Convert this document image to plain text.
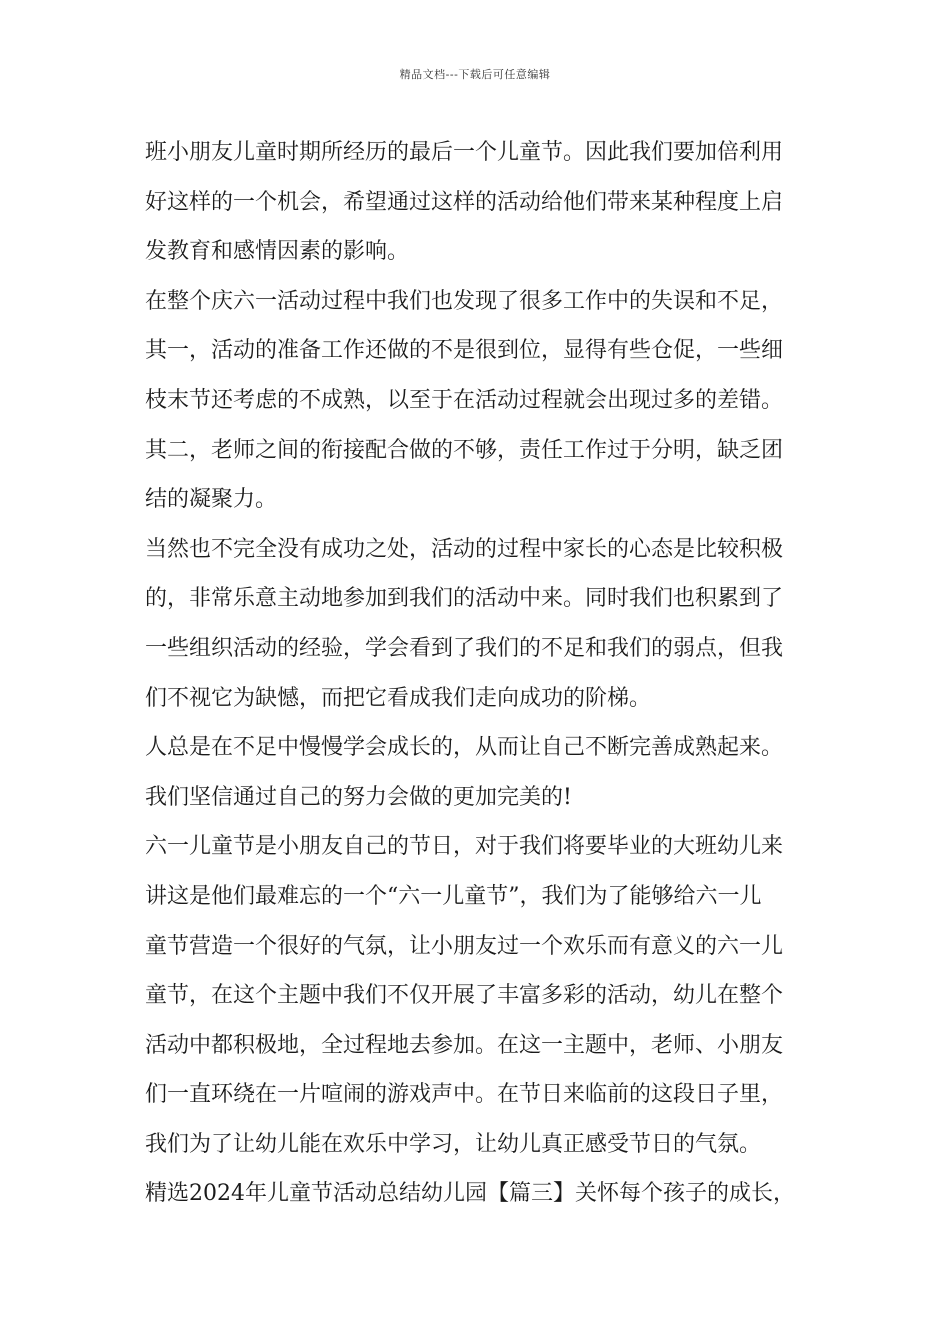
精品文档---下载后可任意编辑
班小朋友儿童时期所经历的最后一个儿童节。因此我们要加倍利用
好这样的一个机会，希望通过这样的活动给他们带来某种程度上启
发教育和感情因素的影响。
在整个庆六一活动过程中我们也发现了很多工作中的失误和不足，
其一，活动的准备工作还做的不是很到位，显得有些仓促，一些细
枝末节还考虑的不成熟，以至于在活动过程就会出现过多的差错。
其二，老师之间的衔接配合做的不够，责任工作过于分明，缺乏团
结的凝聚力。
当然也不完全没有成功之处，活动的过程中家长的心态是比较积极
的，非常乐意主动地参加到我们的活动中来。同时我们也积累到了
一些组织活动的经验，学会看到了我们的不足和我们的弱点，但我
们不视它为缺憾，而把它看成我们走向成功的阶梯。
人总是在不足中慢慢学会成长的，从而让自己不断完善成熟起来。
我们坚信通过自己的努力会做的更加完美的!
六一儿童节是小朋友自己的节日，对于我们将要毕业的大班幼儿来
讲这是他们最难忘的一个“六一儿童节”，我们为了能够给六一儿
童节营造一个很好的气氛，让小朋友过一个欢乐而有意义的六一儿
童节，在这个主题中我们不仅开展了丰富多彩的活动，幼儿在整个
活动中都积极地，全过程地去参加。在这一主题中，老师、小朋友
们一直环绕在一片喧闹的游戏声中。在节日来临前的这段日子里，
我们为了让幼儿能在欢乐中学习，让幼儿真正感受节日的气氛。
精选2024年儿童节活动总结幼儿园【篇三】关怀每个孩子的成长，
